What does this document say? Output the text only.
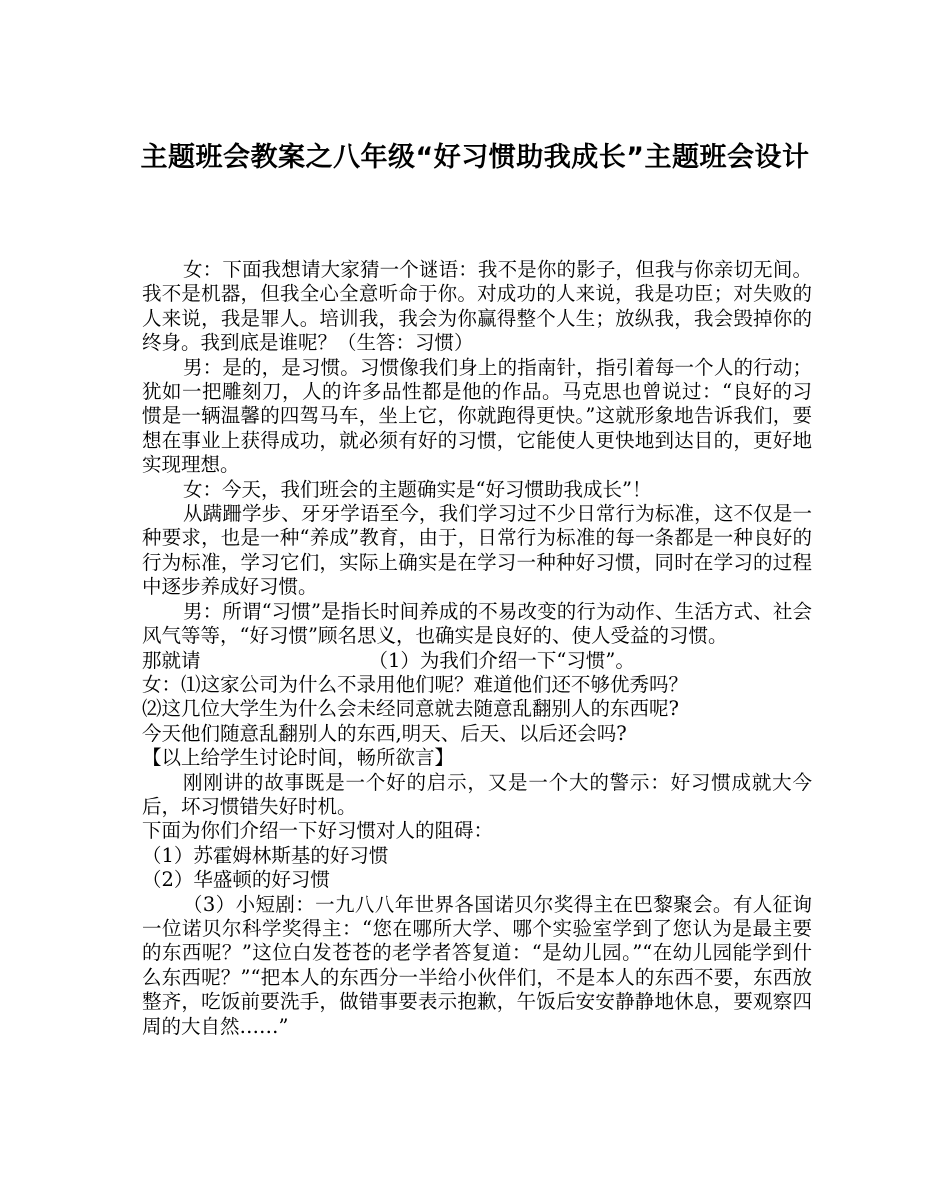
主题班会教案之八年级“好习惯助我成长”主题班会设计

女：下面我想请大家猜一个谜语：我不是你的影子，但我与你亲切无间。我不是机器，但我全心全意听命于你。对成功的人来说，我是功臣；对失败的人来说，我是罪人。培训我，我会为你赢得整个人生；放纵我，我会毁掉你的终身。我到底是谁呢？（生答：习惯）

男：是的，是习惯。习惯像我们身上的指南针，指引着每一个人的行动；犹如一把雕刻刀，人的许多品性都是他的作品。马克思也曾说过：“良好的习惯是一辆温馨的四驾马车，坐上它，你就跑得更快。”这就形象地告诉我们，要想在事业上获得成功，就必须有好的习惯，它能使人更快地到达目的，更好地实现理想。

女：今天，我们班会的主题确实是“好习惯助我成长”！

从蹒跚学步、牙牙学语至今，我们学习过不少日常行为标准，这不仅是一种要求，也是一种“养成”教育，由于，日常行为标准的每一条都是一种良好的行为标准，学习它们，实际上确实是在学习一种种好习惯，同时在学习的过程中逐步养成好习惯。

男：所谓“习惯”是指长时间养成的不易改变的行为动作、生活方式、社会风气等等，“好习惯”顾名思义，也确实是良好的、使人受益的习惯。

那就请	（1）为我们介绍一下“习惯”。

女：⑴这家公司为什么不录用他们呢？难道他们还不够优秀吗？

⑵这几位大学生为什么会未经同意就去随意乱翻别人的东西呢?

今天他们随意乱翻别人的东西,明天、后天、以后还会吗?

【以上给学生讨论时间，畅所欲言】

刚刚讲的故事既是一个好的启示，又是一个大的警示：好习惯成就大今后，坏习惯错失好时机。

下面为你们介绍一下好习惯对人的阻碍：

（1）苏霍姆林斯基的好习惯

（2）华盛顿的好习惯

（3）小短剧：一九八八年世界各国诺贝尔奖得主在巴黎聚会。有人征询一位诺贝尔科学奖得主：“您在哪所大学、哪个实验室学到了您认为是最主要的东西呢？”这位白发苍苍的老学者答复道：“是幼儿园。”“在幼儿园能学到什么东西呢？”“把本人的东西分一半给小伙伴们，不是本人的东西不要，东西放整齐，吃饭前要洗手，做错事要表示抱歉，午饭后安安静静地休息，要观察四周的大自然……”
